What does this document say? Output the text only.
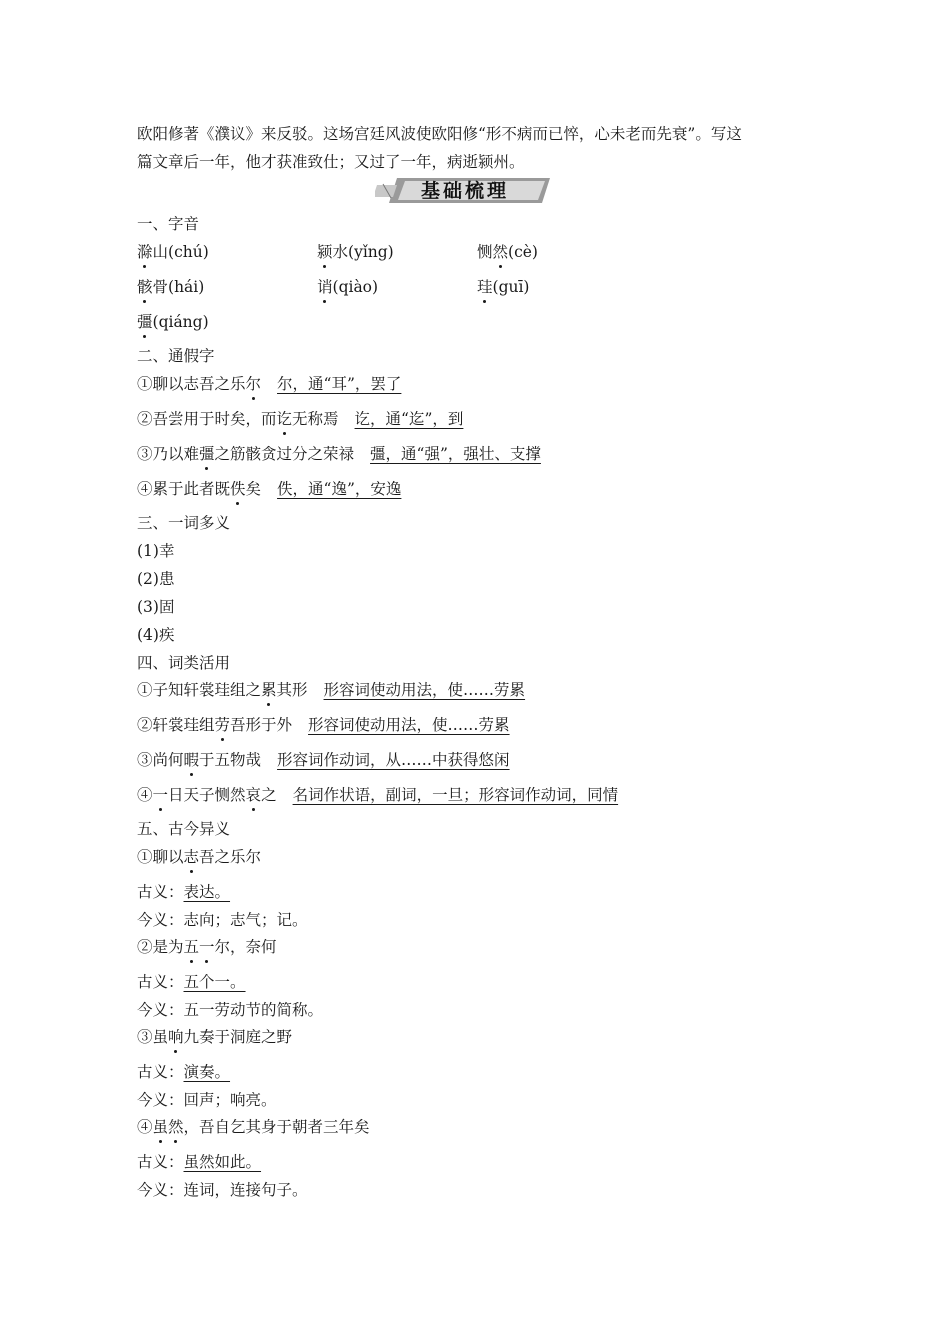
欧阳修著《濮议》来反驳。这场宫廷风波使欧阳修“形不病而已悴，心未老而先衰”。写这
篇文章后一年，他才获准致仕；又过了一年，病逝颍州。
基础梳理
一、字音
滁山(chú)	颍水(yǐng)	恻然(cè)
骸骨(hái)	诮(qiào)	珪(guī)
彊(qiáng)
二、通假字
①聊以志吾之乐尔 尔，通“耳”，罢了
②吾尝用于时矣，而讫无称焉 讫，通“迄”，到
③乃以难彊之筋骸贪过分之荣禄 彊，通“强”，强壮、支撑
④累于此者既佚矣 佚，通“逸”，安逸
三、一词多义
(1)幸
(2)患
(3)固
(4)疾
四、词类活用
①子知轩裳珪组之累其形 形容词使动用法，使……劳累
②轩裳珪组劳吾形于外 形容词使动用法，使……劳累
③尚何暇于五物哉 形容词作动词，从……中获得悠闲
④一日天子恻然哀之 名词作状语，副词，一旦；形容词作动词，同情
五、古今异义
①聊以志吾之乐尔
古义：表达。
今义：志向；志气；记。
②是为五一尔，奈何
古义：五个一。
今义：五一劳动节的简称。
③虽响九奏于洞庭之野
古义：演奏。
今义：回声；响亮。
④虽然，吾自乞其身于朝者三年矣
古义：虽然如此。
今义：连词，连接句子。
